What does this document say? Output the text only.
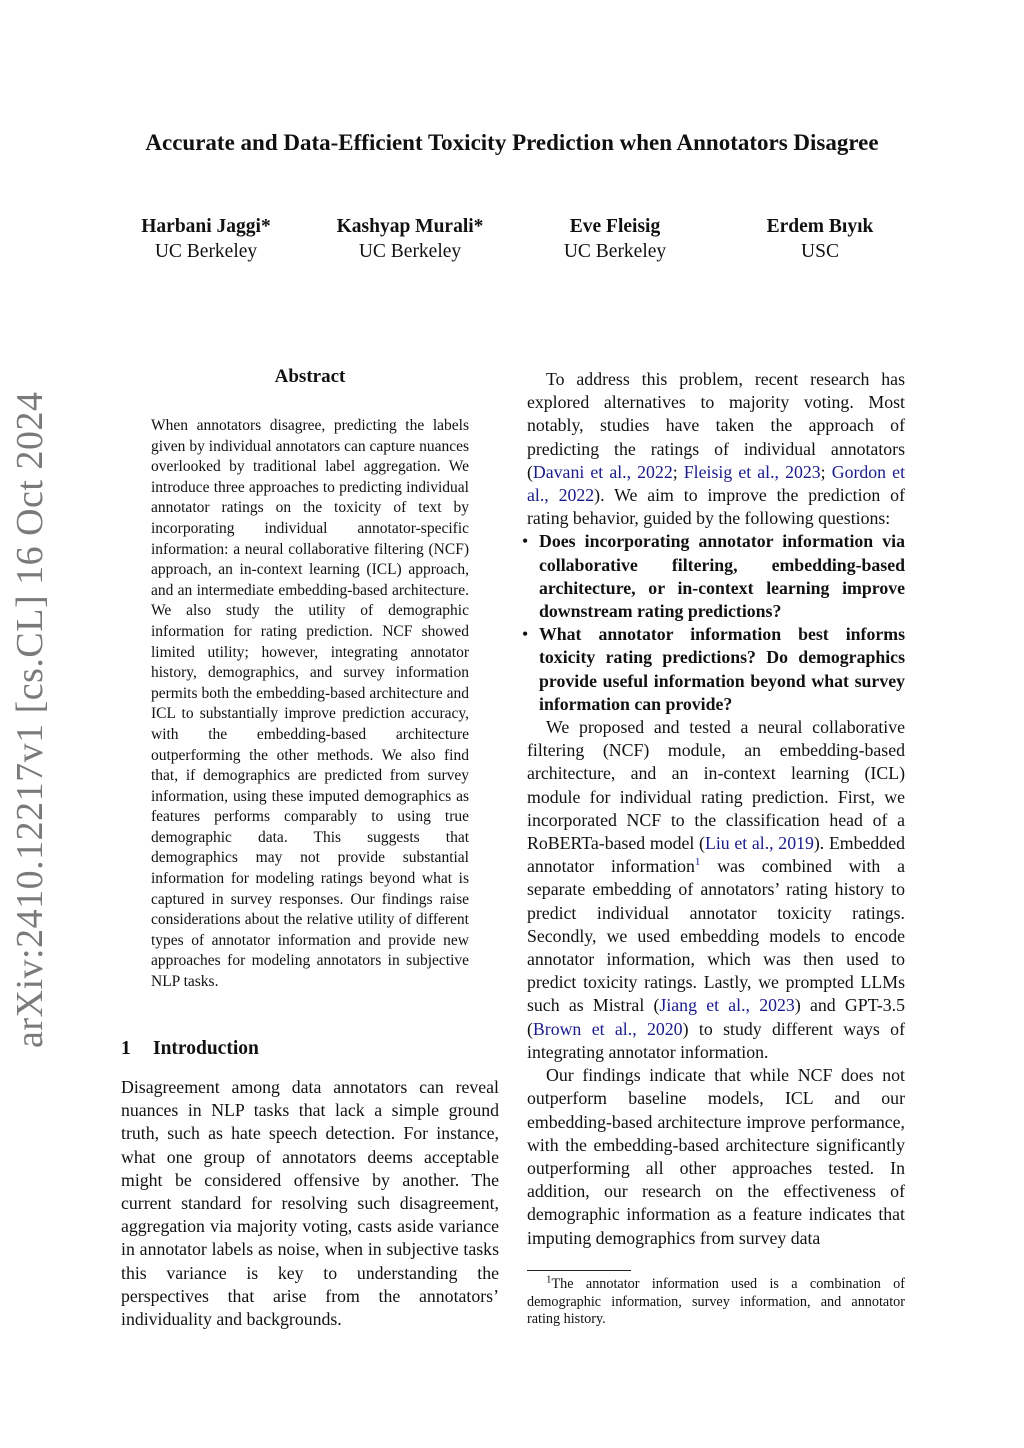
Accurate and Data-Efficient Toxicity Prediction when Annotators Disagree
Harbani Jaggi*
UC Berkeley
Kashyap Murali*
UC Berkeley
Eve Fleisig
UC Berkeley
Erdem Bıyık
USC
arXiv:2410.12217v1 [cs.CL] 16 Oct 2024
Abstract
When annotators disagree, predicting the labels given by individual annotators can capture nuances overlooked by traditional label aggregation. We introduce three approaches to predicting individual annotator ratings on the toxicity of text by incorporating individual annotator-specific information: a neural collaborative filtering (NCF) approach, an in-context learning (ICL) approach, and an intermediate embedding-based architecture. We also study the utility of demographic information for rating prediction. NCF showed limited utility; however, integrating annotator history, demographics, and survey information permits both the embedding-based architecture and ICL to substantially improve prediction accuracy, with the embedding-based architecture outperforming the other methods. We also find that, if demographics are predicted from survey information, using these imputed demographics as features performs comparably to using true demographic data. This suggests that demographics may not provide substantial information for modeling ratings beyond what is captured in survey responses. Our findings raise considerations about the relative utility of different types of annotator information and provide new approaches for modeling annotators in subjective NLP tasks.
1 Introduction
Disagreement among data annotators can reveal nuances in NLP tasks that lack a simple ground truth, such as hate speech detection. For instance, what one group of annotators deems acceptable might be considered offensive by another. The current standard for resolving such disagreement, aggregation via majority voting, casts aside variance in annotator labels as noise, when in subjective tasks this variance is key to understanding the perspectives that arise from the annotators’ individuality and backgrounds.

To address this problem, recent research has explored alternatives to majority voting. Most notably, studies have taken the approach of predicting the ratings of individual annotators (Davani et al., 2022; Fleisig et al., 2023; Gordon et al., 2022). We aim to improve the prediction of rating behavior, guided by the following questions:

• Does incorporating annotator information via collaborative filtering, embedding-based architecture, or in-context learning improve downstream rating predictions?
• What annotator information best informs toxicity rating predictions? Do demographics provide useful information beyond what survey information can provide?

We proposed and tested a neural collaborative filtering (NCF) module, an embedding-based architecture, and an in-context learning (ICL) module for individual rating prediction. First, we incorporated NCF to the classification head of a RoBERTa-based model (Liu et al., 2019). Embedded annotator information$^1$ was combined with a separate embedding of annotators’ rating history to predict individual annotator toxicity ratings. Secondly, we used embedding models to encode annotator information, which was then used to predict toxicity ratings. Lastly, we prompted LLMs such as Mistral (Jiang et al., 2023) and GPT-3.5 (Brown et al., 2020) to study different ways of integrating annotator information.

Our findings indicate that while NCF does not outperform baseline models, ICL and our embedding-based architecture improve performance, with the embedding-based architecture significantly outperforming all other approaches tested. In addition, our research on the effectiveness of demographic information as a feature indicates that imputing demographics from survey data

$^1$The annotator information used is a combination of demographic information, survey information, and annotator rating history.
